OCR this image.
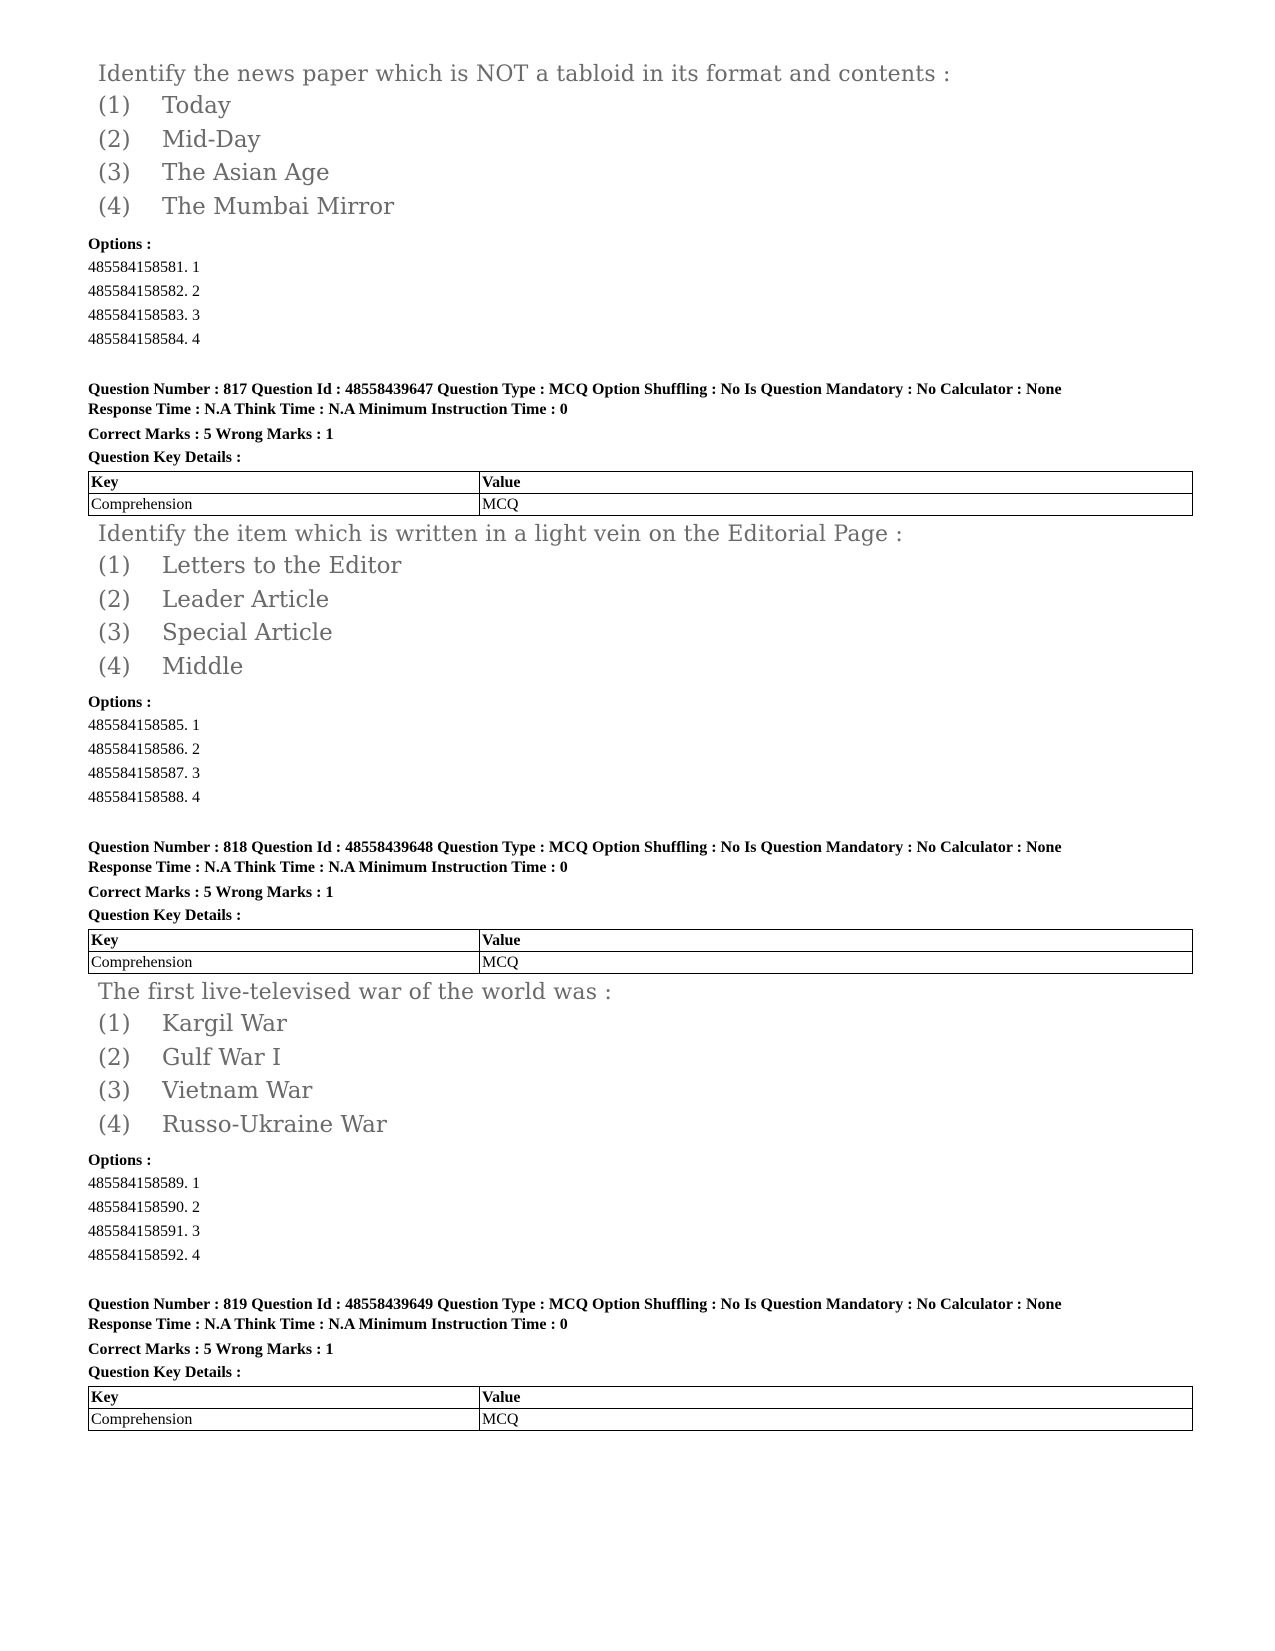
Identify the news paper which is NOT a tabloid in its format and contents :

(1)	Today
(2)	Mid-Day
(3)	The Asian Age
(4)	The Mumbai Mirror
Options :
485584158581. 1
485584158582. 2
485584158583. 3
485584158584. 4
Question Number : 817 Question Id : 48558439647 Question Type : MCQ Option Shuffling : No Is Question Mandatory : No Calculator : None
Response Time : N.A Think Time : N.A Minimum Instruction Time : 0
Correct Marks : 5 Wrong Marks : 1
Question Key Details :
Key	Value
Comprehension	MCQ

Identify the item which is written in a light vein on the Editorial Page :

(1)	Letters to the Editor
(2)	Leader Article
(3)	Special Article
(4)	Middle
Options :
485584158585. 1
485584158586. 2
485584158587. 3
485584158588. 4
Question Number : 818 Question Id : 48558439648 Question Type : MCQ Option Shuffling : No Is Question Mandatory : No Calculator : None
Response Time : N.A Think Time : N.A Minimum Instruction Time : 0
Correct Marks : 5 Wrong Marks : 1
Question Key Details :
Key	Value
Comprehension	MCQ

The first live-televised war of the world was :

(1)	Kargil War
(2)	Gulf War I
(3)	Vietnam War
(4)	Russo-Ukraine War
Options :
485584158589. 1
485584158590. 2
485584158591. 3
485584158592. 4
Question Number : 819 Question Id : 48558439649 Question Type : MCQ Option Shuffling : No Is Question Mandatory : No Calculator : None
Response Time : N.A Think Time : N.A Minimum Instruction Time : 0
Correct Marks : 5 Wrong Marks : 1
Question Key Details :
Key	Value
Comprehension	MCQ
